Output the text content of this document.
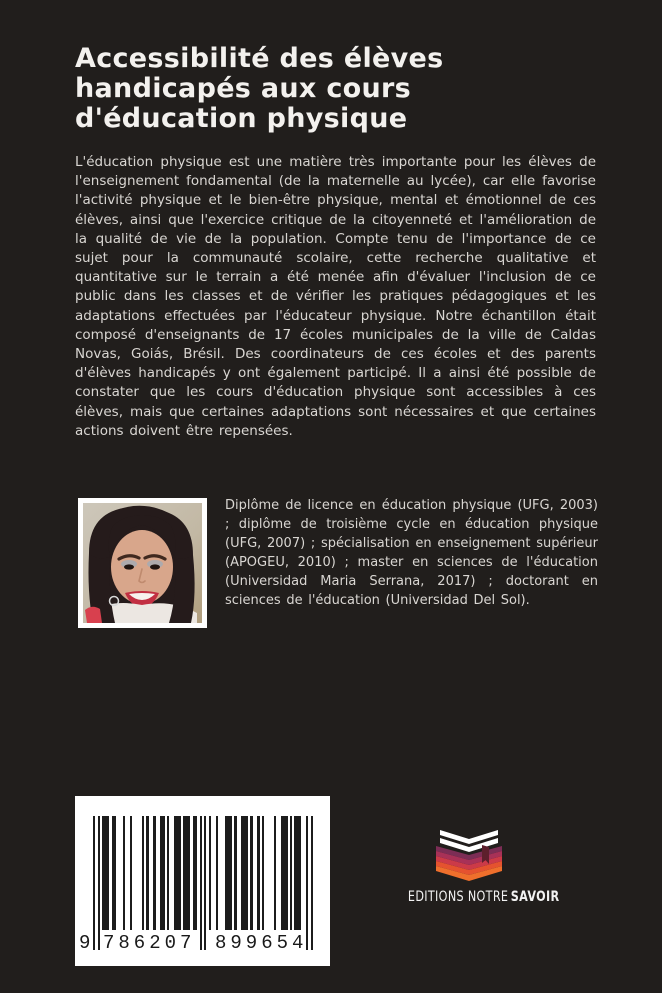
Accessibilité des élèves
handicapés aux cours
d'éducation physique

L'éducation physique est une matière très importante pour les élèves de l'enseignement fondamental (de la maternelle au lycée), car elle favorise l'activité physique et le bien-être physique, mental et émotionnel de ces élèves, ainsi que l'exercice critique de la citoyenneté et l'amélioration de la qualité de vie de la population. Compte tenu de l'importance de ce sujet pour la communauté scolaire, cette recherche qualitative et quantitative sur le terrain a été menée afin d'évaluer l'inclusion de ce public dans les classes et de vérifier les pratiques pédagogiques et les adaptations effectuées par l'éducateur physique. Notre échantillon était composé d'enseignants de 17 écoles municipales de la ville de Caldas Novas, Goiás, Brésil. Des coordinateurs de ces écoles et des parents d'élèves handicapés y ont également participé. Il a ainsi été possible de constater que les cours d'éducation physique sont accessibles à ces élèves, mais que certaines adaptations sont nécessaires et que certaines actions doivent être repensées.

Diplôme de licence en éducation physique (UFG, 2003) ; diplôme de troisième cycle en éducation physique (UFG, 2007) ; spécialisation en enseignement supérieur (APOGEU, 2010) ; master en sciences de l'éducation (Universidad Maria Serrana, 2017) ; doctorant en sciences de l'éducation (Universidad Del Sol).

9 786207 899654
EDITIONS NOTRE SAVOIR
